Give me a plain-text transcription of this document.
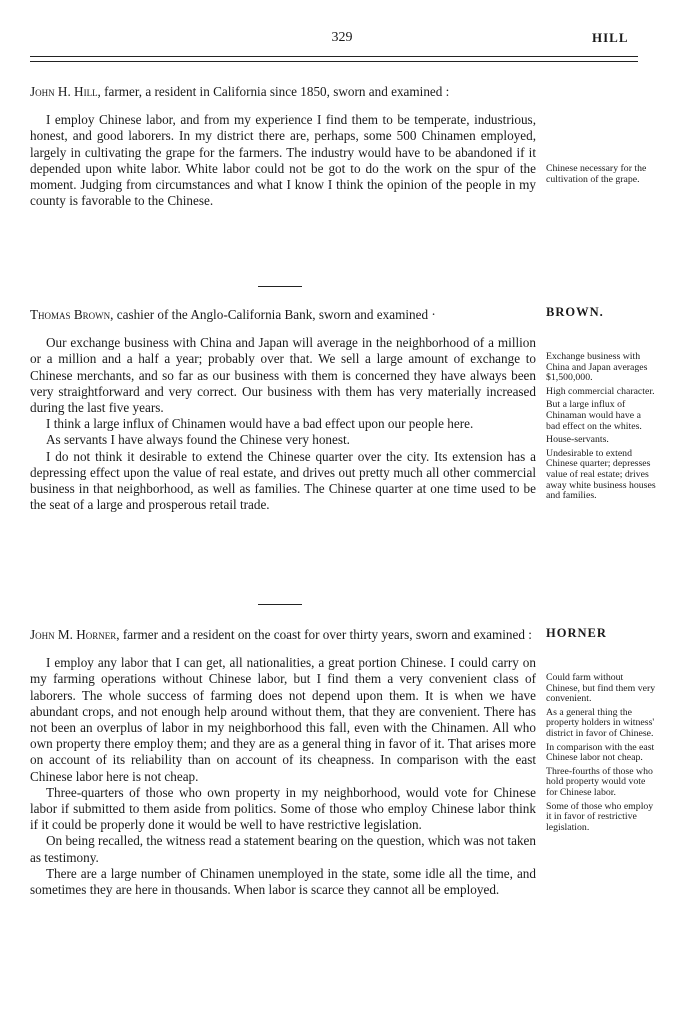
329	HILL
John H. Hill, farmer, a resident in California since 1850, sworn and examined :

I employ Chinese labor, and from my experience I find them to be temperate, industrious, honest, and good laborers. In my district there are, perhaps, some 500 Chinamen employed, largely in cultivating the grape for the farmers. The industry would have to be abandoned if it depended upon white labor. White labor could not be got to do the work on the spur of the moment. Judging from circumstances and what I know I think the opinion of the people in my county is favorable to the Chinese.

Chinese necessary for the cultivation of the grape.

Thomas Brown, cashier of the Anglo-California Bank, sworn and examined ·

Our exchange business with China and Japan will average in the neighborhood of a million or a million and a half a year; probably over that. We sell a large amount of exchange to Chinese merchants, and so far as our business with them is concerned they have always been very straightforward and very correct. Our business with them has very materially increased during the last five years.

I think a large influx of Chinamen would have a bad effect upon our people here.

As servants I have always found the Chinese very honest.

I do not think it desirable to extend the Chinese quarter over the city. Its extension has a depressing effect upon the value of real estate, and drives out pretty much all other commercial business in that neighborhood, as well as families. The Chinese quarter at one time used to be the seat of a large and prosperous retail trade.

BROWN.

Exchange business with China and Japan averages $1,500,000.

High commercial character.

But a large influx of Chinaman would have a bad effect on the whites.

House-servants.

Undesirable to extend Chinese quarter; depresses value of real estate; drives away white business houses and families.

John M. Horner, farmer and a resident on the coast for over thirty years, sworn and examined :

I employ any labor that I can get, all nationalities, a great portion Chinese. I could carry on my farming operations without Chinese labor, but I find them a very convenient class of laborers. The whole success of farming does not depend upon them. It is when we have abundant crops, and not enough help around without them, that they are convenient. There has not been an overplus of labor in my neighborhood this fall, even with the Chinamen. All who own property there employ them; and they are as a general thing in favor of it. That arises more on account of its reliability than on account of its cheapness. In comparison with the east Chinese labor here is not cheap.

Three-quarters of those who own property in my neighborhood, would vote for Chinese labor if submitted to them aside from politics. Some of those who employ Chinese labor think if it could be properly done it would be well to have restrictive legislation.

On being recalled, the witness read a statement bearing on the question, which was not taken as testimony.

There are a large number of Chinamen unemployed in the state, some idle all the time, and sometimes they are here in thousands. When labor is scarce they cannot all be employed.

HORNER

Could farm without Chinese, but find them very convenient.

As a general thing the property holders in witness' district in favor of Chinese.

In comparison with the east Chinese labor not cheap.

Three-fourths of those who hold property would vote for Chinese labor.

Some of those who employ it in favor of restrictive legislation.
